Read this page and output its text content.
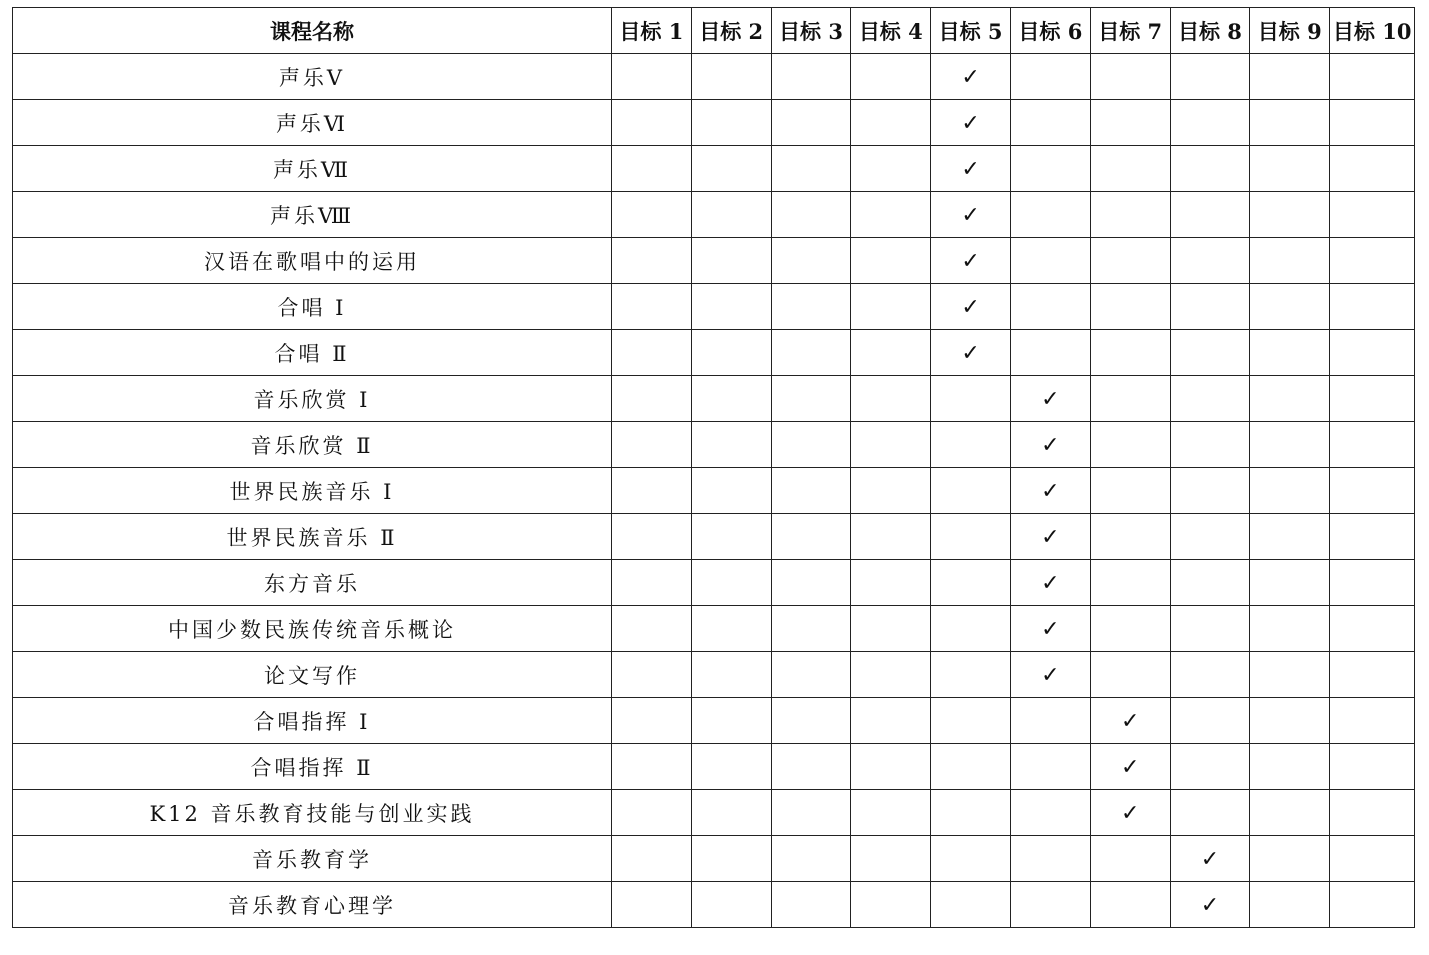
课程名称	目标 1	目标 2	目标 3	目标 4	目标 5	目标 6	目标 7	目标 8	目标 9	目标 10
声乐Ⅴ					✓					
声乐Ⅵ					✓					
声乐Ⅶ					✓					
声乐Ⅷ					✓					
汉语在歌唱中的运用					✓					
合唱 Ⅰ					✓					
合唱 Ⅱ					✓					
音乐欣赏 Ⅰ						✓				
音乐欣赏 Ⅱ						✓				
世界民族音乐 Ⅰ						✓				
世界民族音乐 Ⅱ						✓				
东方音乐						✓				
中国少数民族传统音乐概论						✓				
论文写作						✓				
合唱指挥 Ⅰ							✓			
合唱指挥 Ⅱ							✓			
K12 音乐教育技能与创业实践							✓			
音乐教育学								✓		
音乐教育心理学								✓		
